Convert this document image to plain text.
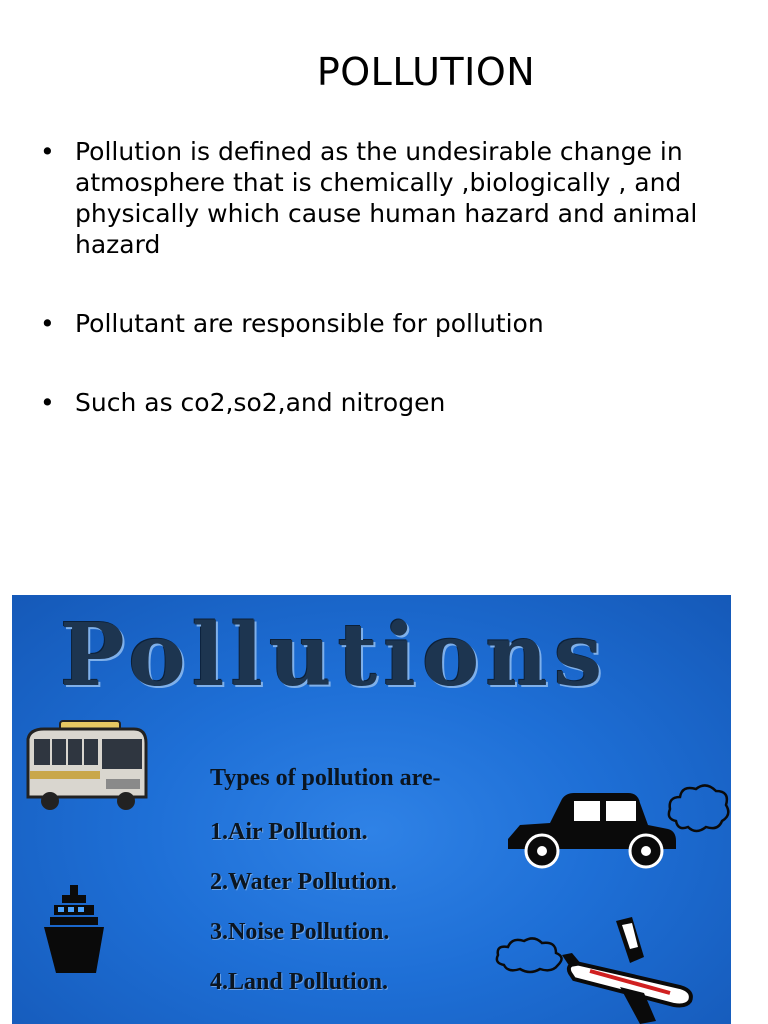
POLLUTION
• Pollution is defined as the undesirable change in atmosphere that is chemically ,biologically , and physically which cause human hazard and animal hazard
• Pollutant are responsible for pollution
• Such as co2,so2,and nitrogen
Pollutions
Types of pollution are-
1.Air Pollution.
2.Water Pollution.
3.Noise Pollution.
4.Land Pollution.
